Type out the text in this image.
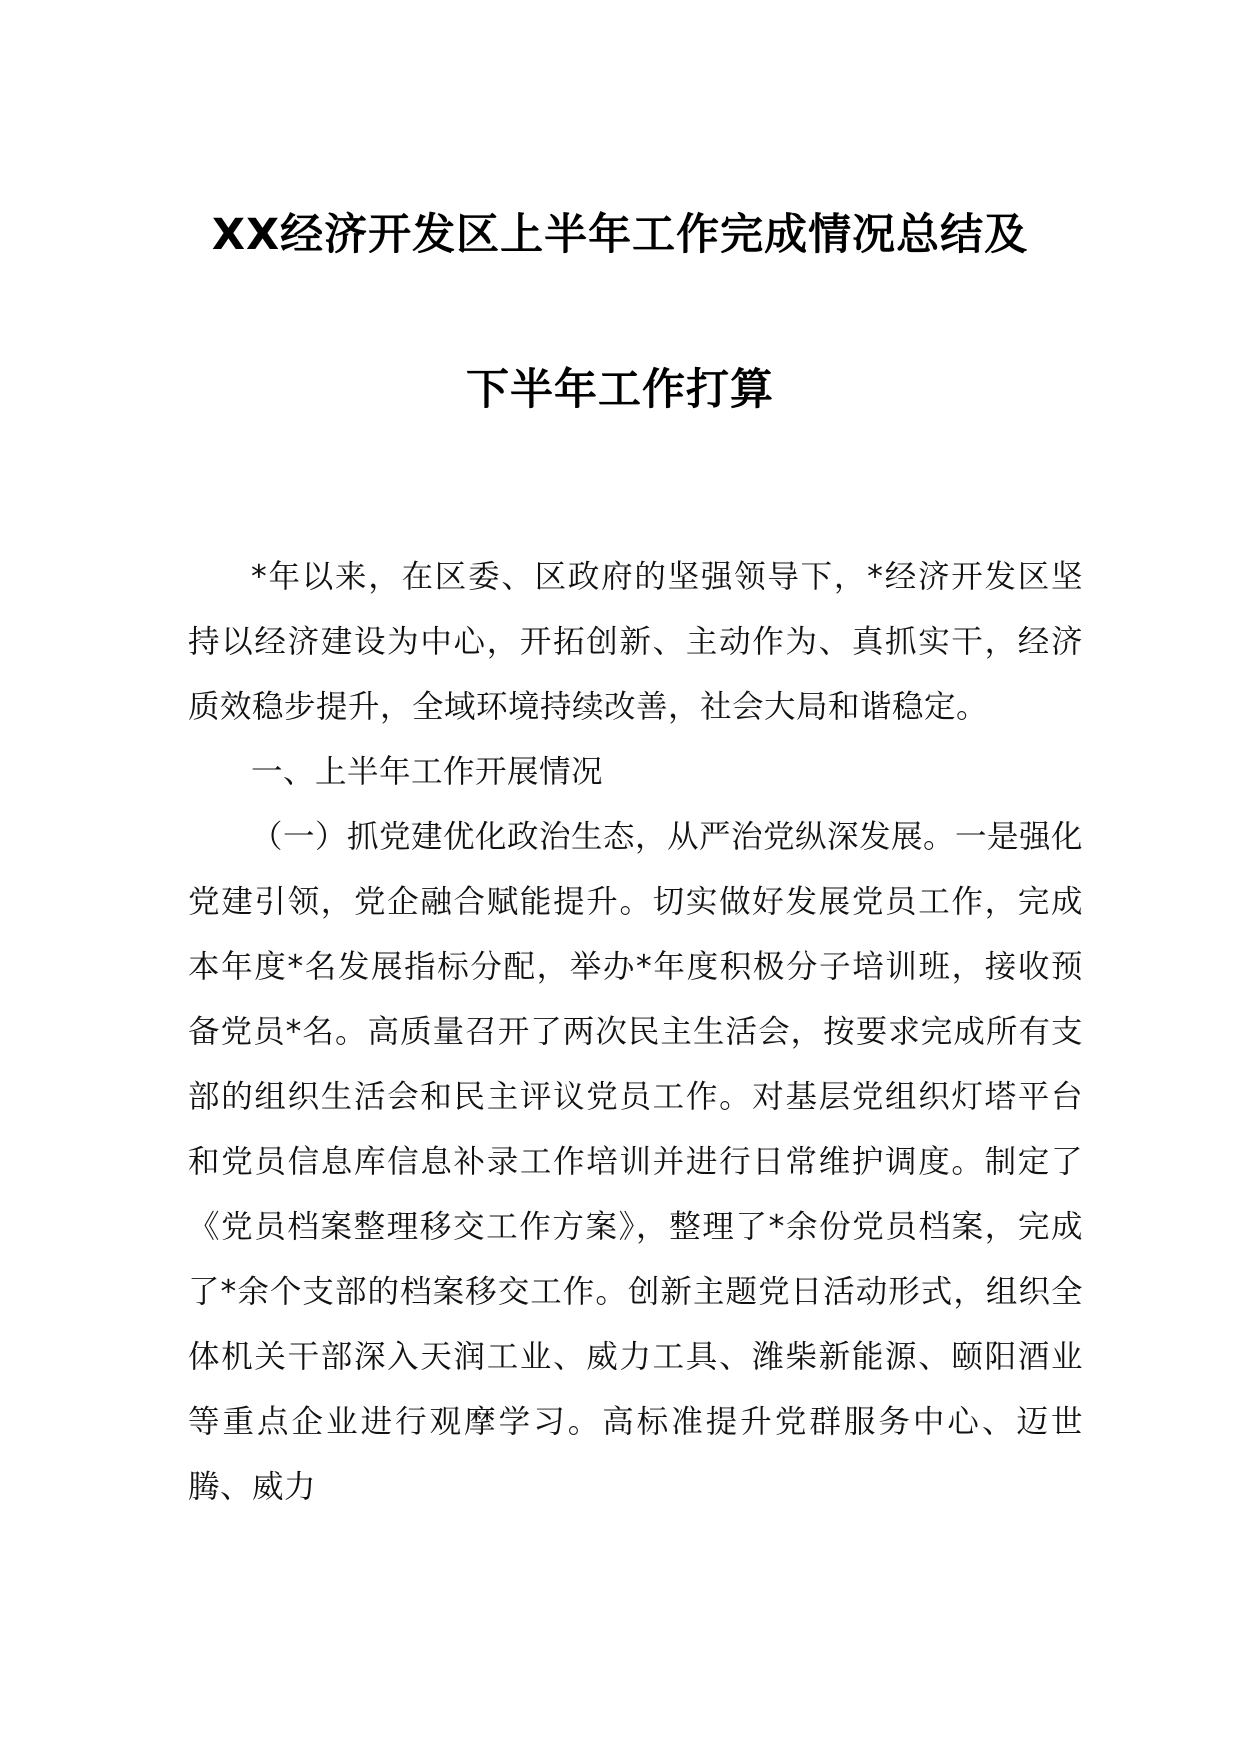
XX经济开发区上半年工作完成情况总结及
下半年工作打算

*年以来，在区委、区政府的坚强领导下，*经济开发区坚持以经济建设为中心，开拓创新、主动作为、真抓实干，经济质效稳步提升，全域环境持续改善，社会大局和谐稳定。

一、上半年工作开展情况

（一）抓党建优化政治生态，从严治党纵深发展。一是强化党建引领，党企融合赋能提升。切实做好发展党员工作，完成本年度*名发展指标分配，举办*年度积极分子培训班，接收预备党员*名。高质量召开了两次民主生活会，按要求完成所有支部的组织生活会和民主评议党员工作。对基层党组织灯塔平台和党员信息库信息补录工作培训并进行日常维护调度。制定了《党员档案整理移交工作方案》，整理了*余份党员档案，完成了*余个支部的档案移交工作。创新主题党日活动形式，组织全体机关干部深入天润工业、威力工具、潍柴新能源、颐阳酒业等重点企业进行观摩学习。高标准提升党群服务中心、迈世腾、威力
